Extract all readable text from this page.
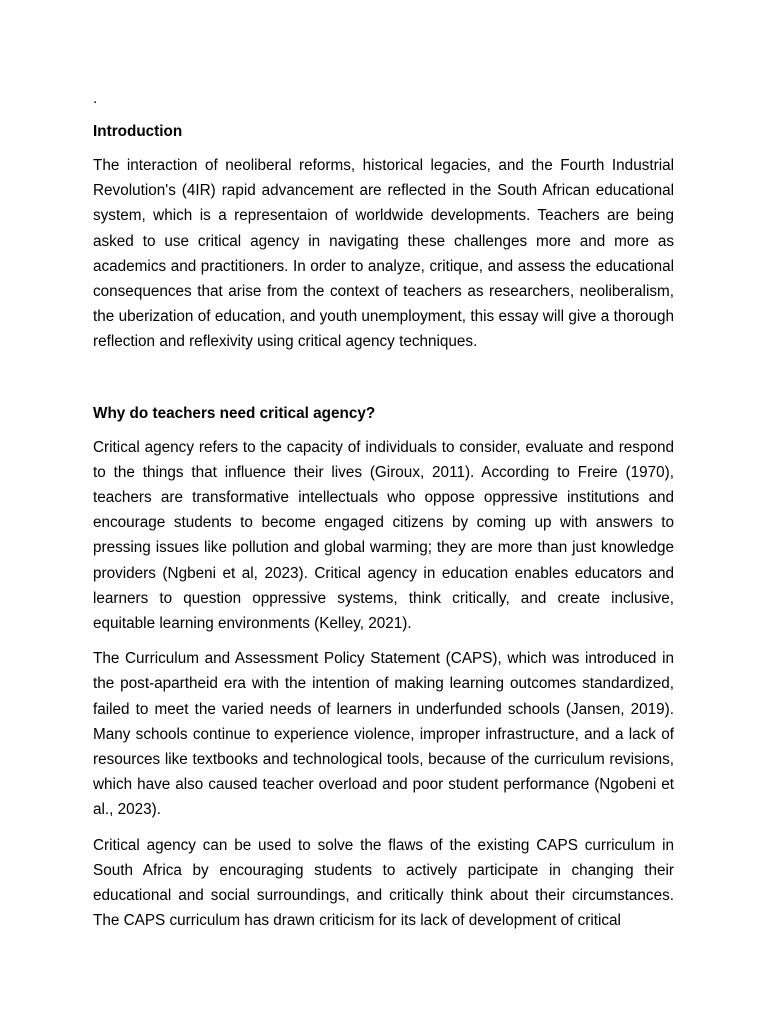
.
Introduction

The interaction of neoliberal reforms, historical legacies, and the Fourth Industrial Revolution's (4IR) rapid advancement are reflected in the South African educational system, which is a representaion of worldwide developments. Teachers are being asked to use critical agency in navigating these challenges more and more as academics and practitioners. In order to analyze, critique, and assess the educational consequences that arise from the context of teachers as researchers, neoliberalism, the uberization of education, and youth unemployment, this essay will give a thorough reflection and reflexivity using critical agency techniques.

Why do teachers need critical agency?

Critical agency refers to the capacity of individuals to consider, evaluate and respond to the things that influence their lives (Giroux, 2011). According to Freire (1970), teachers are transformative intellectuals who oppose oppressive institutions and encourage students to become engaged citizens by coming up with answers to pressing issues like pollution and global warming; they are more than just knowledge providers (Ngbeni et al, 2023). Critical agency in education enables educators and learners to question oppressive systems, think critically, and create inclusive, equitable learning environments (Kelley, 2021).

The Curriculum and Assessment Policy Statement (CAPS), which was introduced in the post-apartheid era with the intention of making learning outcomes standardized, failed to meet the varied needs of learners in underfunded schools (Jansen, 2019). Many schools continue to experience violence, improper infrastructure, and a lack of resources like textbooks and technological tools, because of the curriculum revisions, which have also caused teacher overload and poor student performance (Ngobeni et al., 2023).

Critical agency can be used to solve the flaws of the existing CAPS curriculum in South Africa by encouraging students to actively participate in changing their educational and social surroundings, and critically think about their circumstances. The CAPS curriculum has drawn criticism for its lack of development of critical
